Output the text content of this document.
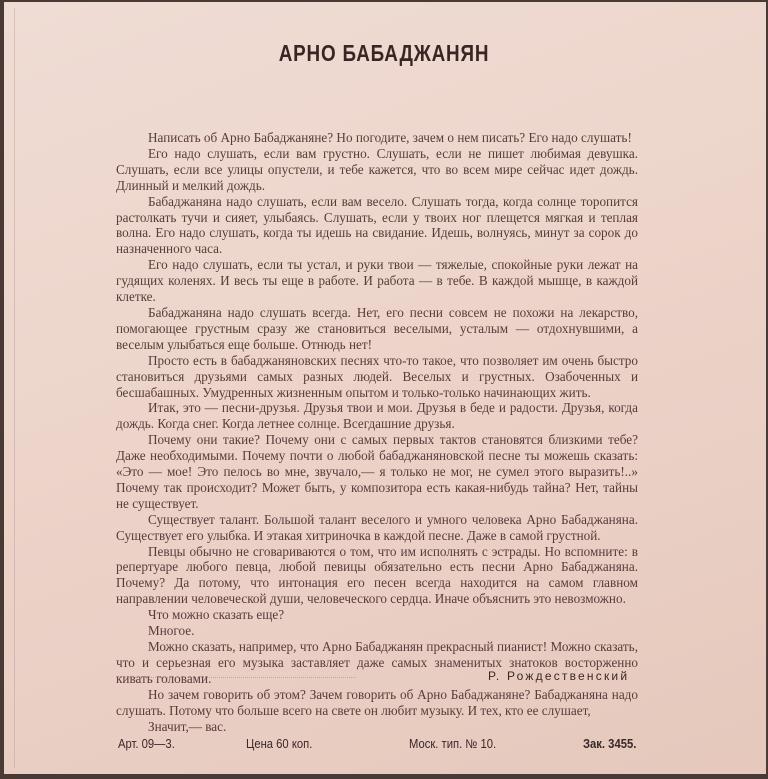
АРНО БАБАДЖАНЯН

Написать об Арно Бабаджаняне? Но погодите, зачем о нем писать? Его надо слушать!

Его надо слушать, если вам грустно. Слушать, если не пишет любимая девушка. Слушать, если все улицы опустели, и тебе кажется, что во всем мире сейчас идет дождь. Длинный и мелкий дождь.

Бабаджаняна надо слушать, если вам весело. Слушать тогда, когда солнце торопится растолкать тучи и сияет, улыбаясь. Слушать, если у твоих ног плещется мягкая и теплая волна. Его надо слушать, когда ты идешь на свидание. Идешь, волнуясь, минут за сорок до назначенного часа.

Его надо слушать, если ты устал, и руки твои — тяжелые, спокойные руки лежат на гудящих коленях. И весь ты еще в работе. И работа — в тебе. В каждой мышце, в каждой клетке.

Бабаджаняна надо слушать всегда. Нет, его песни совсем не похожи на лекарство, помогающее грустным сразу же становиться веселыми, усталым — отдохнувшими, а веселым улыбаться еще больше. Отнюдь нет!

Просто есть в бабаджаняновских песнях что-то такое, что позволяет им очень быстро становиться друзьями самых разных людей. Веселых и грустных. Озабоченных и бесшабашных. Умудренных жизненным опытом и только-только начинающих жить.

Итак, это — песни-друзья. Друзья твои и мои. Друзья в беде и радости. Друзья, когда дождь. Когда снег. Когда летнее солнце. Всегдашние друзья.

Почему они такие? Почему они с самых первых тактов становятся близкими тебе? Даже необходимыми. Почему почти о любой бабаджаняновской песне ты можешь сказать: «Это — мое! Это пелось во мне, звучало,— я только не мог, не сумел этого выразить!..» Почему так происходит? Может быть, у композитора есть какая-нибудь тайна? Нет, тайны не существует.

Существует талант. Большой талант веселого и умного человека Арно Бабаджаняна. Существует его улыбка. И этакая хитриночка в каждой песне. Даже в самой грустной.

Певцы обычно не сговариваются о том, что им исполнять с эстрады. Но вспомните: в репертуаре любого певца, любой певицы обязательно есть песни Арно Бабаджаняна. Почему? Да потому, что интонация его песен всегда находится на самом главном направлении человеческой души, человеческого сердца. Иначе объяснить это невозможно.

Что можно сказать еще?

Многое.

Можно сказать, например, что Арно Бабаджанян прекрасный пианист! Можно сказать, что и серьезная его музыка заставляет даже самых знаменитых знатоков восторженно кивать головами.

Но зачем говорить об этом? Зачем говорить об Арно Бабаджаняне? Бабаджаняна надо слушать. Потому что больше всего на свете он любит музыку. И тех, кто ее слушает,

Значит,— вас.

Р. Рождественский
Арт. 09—3.	Цена 60 коп.	Моск. тип. № 10.	Зак. 3455.
